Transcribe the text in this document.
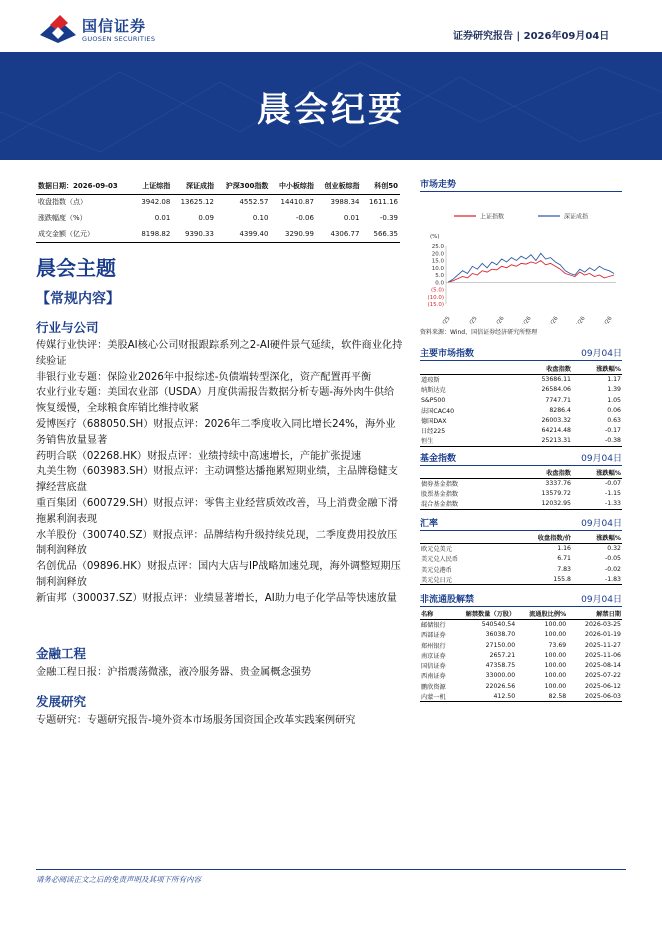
国信证券
GUOSEN SECURITIES	证券研究报告 | 2026年09月04日
晨会纪要
数据日期：2026-09-03	上证综指	深证成指	沪深300指数	中小板综指	创业板综指	科创50
收盘指数（点）	3942.08	13625.12	4552.57	14410.87	3988.34	1611.16
涨跌幅度（%）	0.01	0.09	0.10	-0.06	0.01	-0.39
成交金额（亿元）	8198.82	9390.33	4399.40	3290.99	4306.77	566.35
晨会主题
【常规内容】
行业与公司

传媒行业快评：美股AI核心公司财报跟踪系列之2-AI硬件景气延续，软件商业化持续验证

非银行业专题：保险业2026年中报综述-负债端转型深化，资产配置再平衡

农业行业专题：美国农业部（USDA）月度供需报告数据分析专题-海外肉牛供给恢复缓慢，全球粮食库销比维持收紧

爱博医疗（688050.SH）财报点评：2026年二季度收入同比增长24%，海外业务销售放量显著

药明合联（02268.HK）财报点评：业绩持续中高速增长，产能扩张提速

丸美生物（603983.SH）财报点评：主动调整达播拖累短期业绩，主品牌稳健支撑经营底盘

重百集团（600729.SH）财报点评：零售主业经营质效改善，马上消费金融下滑拖累利润表现

水羊股份（300740.SZ）财报点评：品牌结构升级持续兑现，二季度费用投放压制利润释放

名创优品（09896.HK）财报点评：国内大店与IP战略加速兑现，海外调整短期压制利润释放

新宙邦（300037.SZ）财报点评：业绩显著增长，AI助力电子化学品等快速放量

金融工程

金融工程日报：沪指震荡微涨，液冷服务器、贵金属概念强势

发展研究

专题研究：专题研究报告-境外资本市场服务国资国企改革实践案例研究

市场走势
上证指数	深证成指
(%)
25.0
20.0
15.0
10.0
5.0
0.0
(5.0)
(10.0)
(15.0)
9/25 11/25	1/26	3/26	5/26	7/26	9/26
资料来源：Wind、国信证券经济研究所整理
主要市场指数	09月04日
	收盘指数	涨跌幅%
道琼斯	53686.11	1.17
纳斯达克	26584.06	1.39
S&P500	7747.71	1.05
法国CAC40	8286.4	0.06
德国DAX	26003.32	0.63
日经225	64214.48	-0.17
恒生	25213.31	-0.38
基金指数	09月04日
	收盘指数	涨跌幅%
债券基金指数	3337.76	-0.07
股票基金指数	13579.72	-1.15
混合基金指数	12032.95	-1.33
汇率	09月04日
	收盘指数/价	涨跌幅%
欧元兑美元	1.16	0.32
美元兑人民币	6.71	-0.05
美元兑港币	7.83	-0.02
美元兑日元	155.8	-1.83
非流通股解禁	09月04日
名称	解禁数量（万股）	流通股比例%	解禁日期
邮储银行	540540.54	100.00	2026-03-25
西部证券	36038.70	100.00	2026-01-19
郑州银行	27150.00	73.69	2025-11-27
南京证券	2657.21	100.00	2025-11-06
国信证券	47358.75	100.00	2025-08-14
西南证券	33000.00	100.00	2025-07-22
鹏欣资源	22026.56	100.00	2025-06-12
内蒙一机	412.50	82.58	2025-06-03
请务必阅读正文之后的免责声明及其项下所有内容
